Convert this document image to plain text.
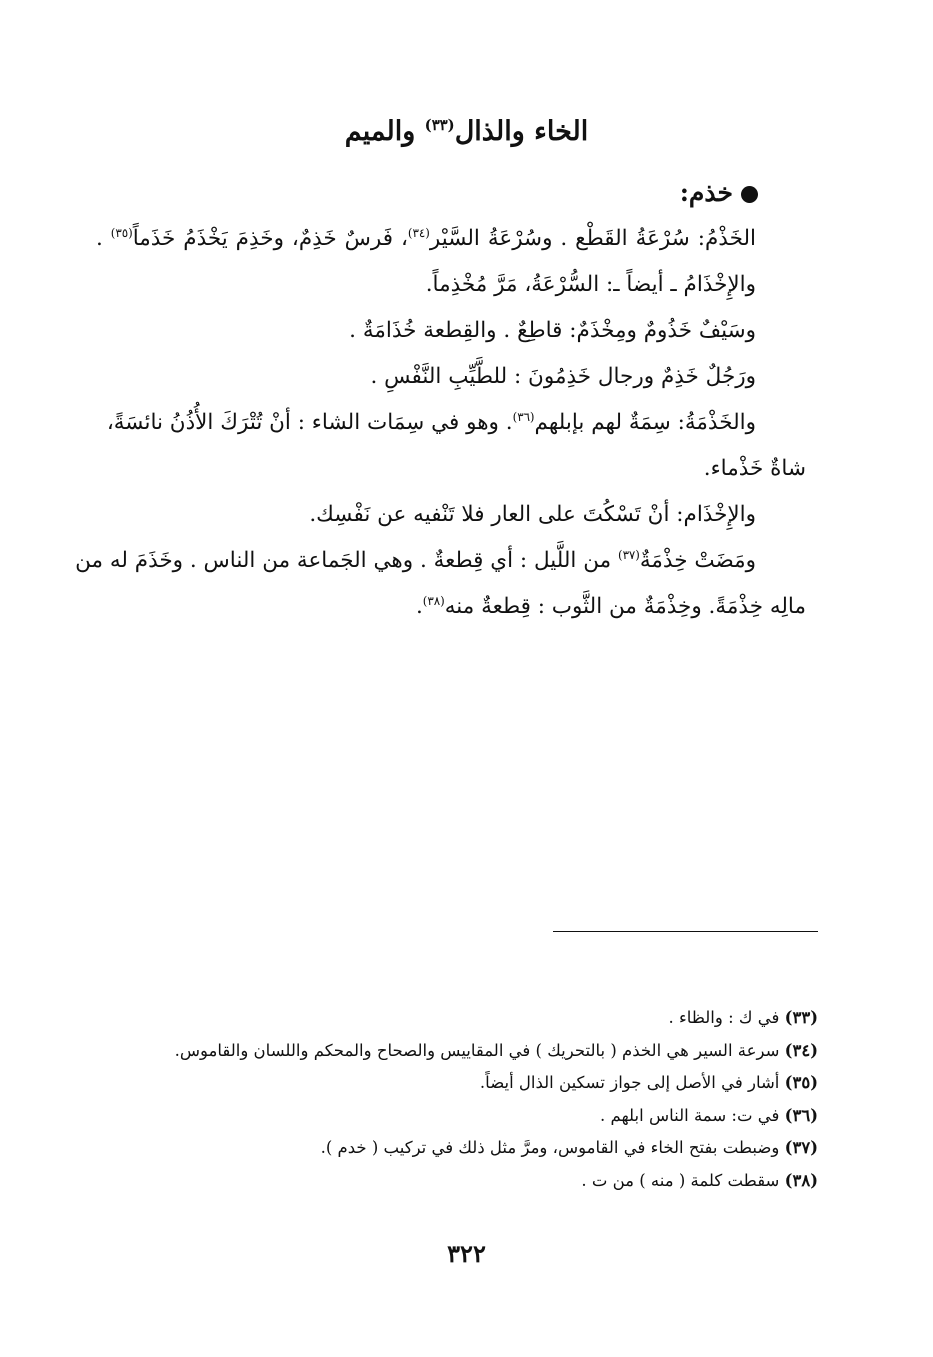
الخاء والذال$^{(٣٣)}$ والميم
خذم:
الخَذْمُ: سُرْعَةُ القَطْع . وسُرْعَةُ السَّيْر$^{(٣٤)}$، فَرسٌ خَذِمٌ، وخَذِمَ يَخْذَمُ خَذَماً$^{(٣٥)}$ .
والإِخْذَامُ ـ أيضاً ـ: السُّرْعَةُ، مَرَّ مُخْذِماً.
وسَيْفٌ خَذُومٌ ومِخْذَمٌ: قاطِعٌ . والقِطعة خُذَامَةٌ .
ورَجُلٌ خَذِمٌ ورجال خَذِمُونَ : للطَّيِّبِ النَّفْسِ .
والخَذْمَةُ: سِمَةٌ لهم بإبلهم$^{(٣٦)}$. وهو في سِمَات الشاء : أنْ تُتْرَكَ الأُذُنُ نائسَةً،
شاةٌ خَذْماء.
والإِخْذَام: أنْ تَسْكُتَ على العار فلا تَنْفيه عن نَفْسِك.
ومَضَتْ خِذْمَةٌ$^{(٣٧)}$ من اللَّيل : أي قِطعةٌ . وهي الجَماعة من الناس . وخَذَمَ له من
مالِه خِذْمَةً. وخِذْمَةٌ من الثَّوب : قِطعةٌ منه$^{(٣٨)}$.
(٣٣) في ك : والظاء .
(٣٤) سرعة السير هي الخذم ( بالتحريك ) في المقاييس والصحاح والمحكم واللسان والقاموس.
(٣٥) أشار في الأصل إلى جواز تسكين الذال أيضاً.
(٣٦) في ت: سمة الناس ابلهم .
(٣٧) وضبطت بفتح الخاء في القاموس، ومرَّ مثل ذلك في تركيب ( خدم ).
(٣٨) سقطت كلمة ( منه ) من ت .
٣٢٢
